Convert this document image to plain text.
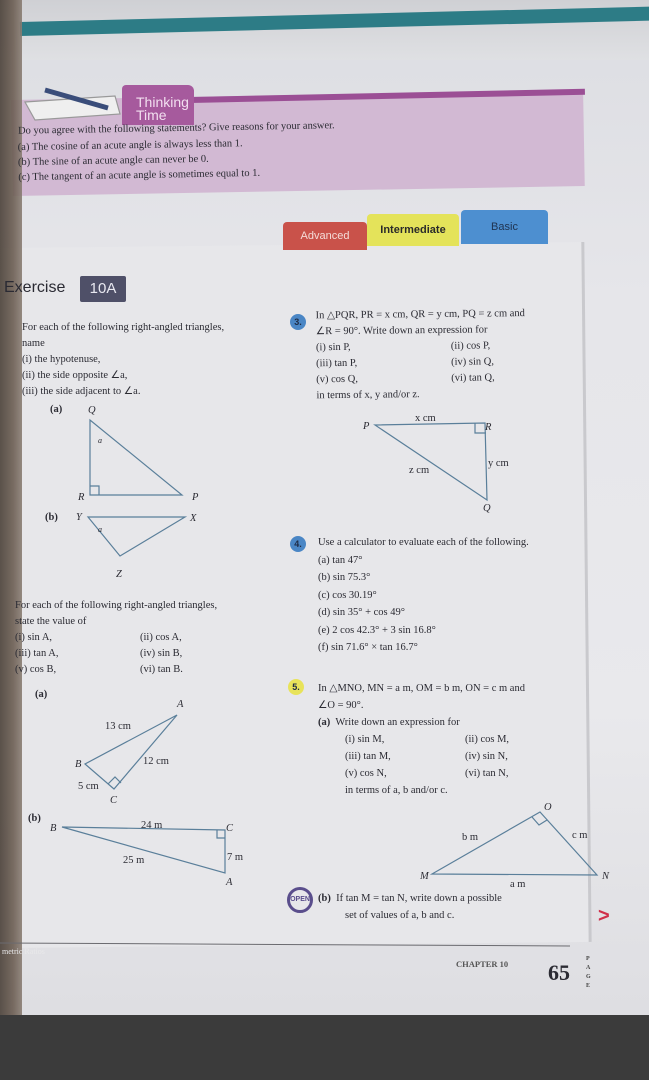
Thinking
Time
Do you agree with the following statements? Give reasons for your answer.
(a) The cosine of an acute angle is always less than 1.
(b) The sine of an acute angle can never be 0.
(c) The tangent of an acute angle is sometimes equal to 1.
Advanced	Intermediate	Basic
Exercise	10A
For each of the following right-angled triangles,
name
(i) the hypotenuse,
(ii) the side opposite ∠a,
(iii) the side adjacent to ∠a.
(a) Q
a
R	P
(b) Y
a
X
Z
For each of the following right-angled triangles,
state the value of
(i) sin A,	(ii) cos A,
(iii) tan A,	(iv) sin B,
(v) cos B,	(vi) tan B.
(a)
A
13 cm
12 cm
B
5 cm
C
(b)
B	24 m	C
25 m	7 m
A
3.
In △PQR, PR = x cm, QR = y cm, PQ = z cm and
∠R = 90°. Write down an expression for
(i) sin P,	(ii) cos P,
(iii) tan P,	(iv) sin Q,
(v) cos Q,	(vi) tan Q,
in terms of x, y and/or z.
P
x cm
R
y cm
z cm
Q
4.	Use a calculator to evaluate each of the following.
(a) tan 47°
(b) sin 75.3°
(c) cos 30.19°
(d) sin 35° + cos 49°
(e) 2 cos 42.3° + 3 sin 16.8°
(f) sin 71.6° × tan 16.7°
5.	In △MNO, MN = a m, OM = b m, ON = c m and
∠O = 90°.
(a) Write down an expression for
(i) sin M,	(ii) cos M,
(iii) tan M,	(iv) sin N,
(v) cos N,	(vi) tan N,
in terms of a, b and/or c.
O
b m	c m
M	N
a m
OPEN (b) If tan M = tan N, write down a possible
set of values of a, b and c.	>
metric Ratios
CHAPTER 10 65
PAGE
